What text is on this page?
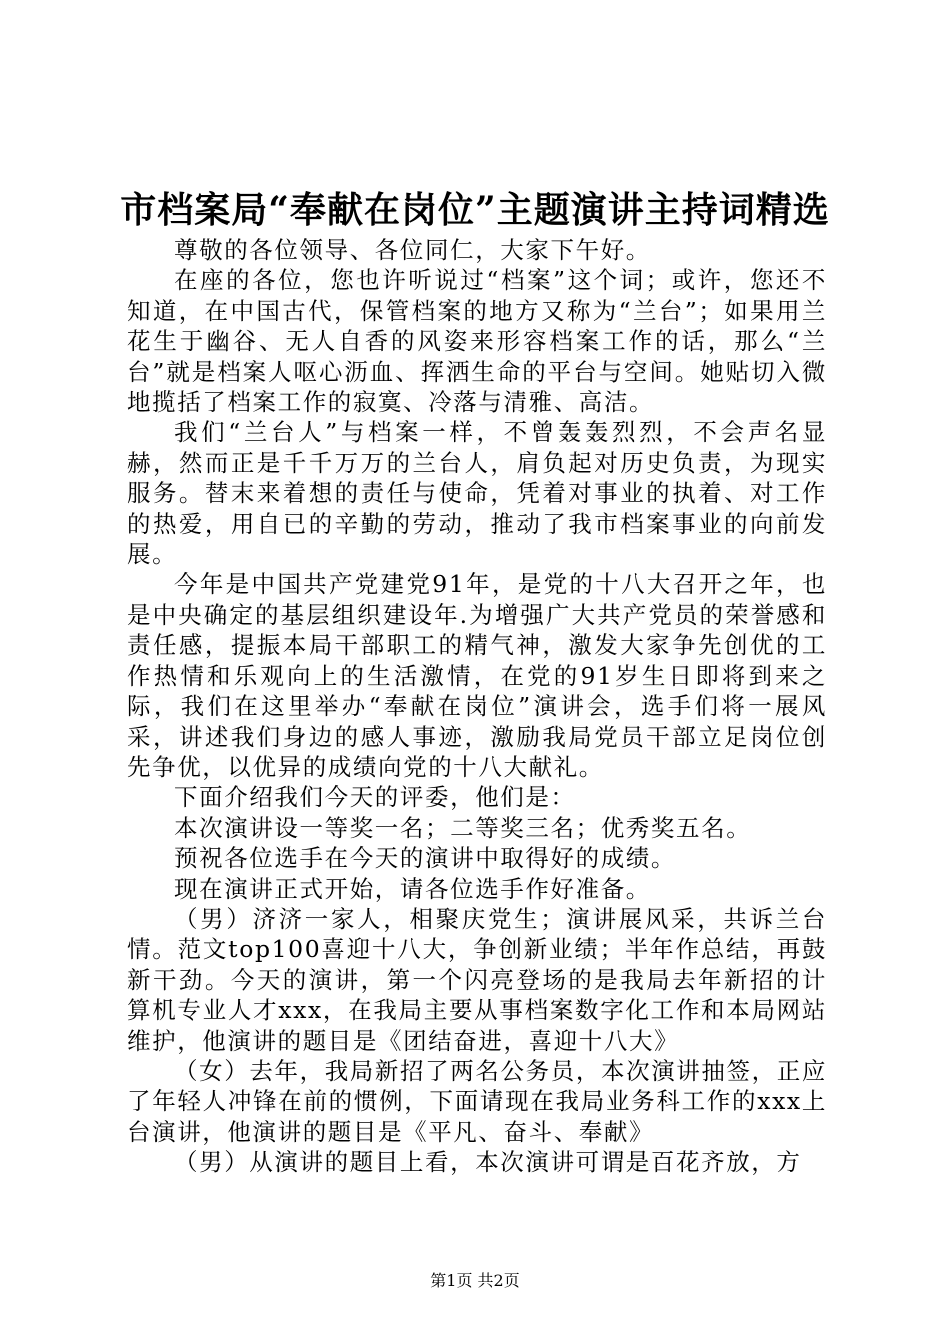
市档案局“奉献在岗位”主题演讲主持词精选

尊敬的各位领导、各位同仁，大家下午好。

在座的各位，您也许听说过“档案”这个词；或许，您还不知道，在中国古代，保管档案的地方又称为“兰台”；如果用兰花生于幽谷、无人自香的风姿来形容档案工作的话，那么“兰台”就是档案人呕心沥血、挥洒生命的平台与空间。她贴切入微地揽括了档案工作的寂寞、冷落与清雅、高洁。

我们“兰台人”与档案一样，不曾轰轰烈烈，不会声名显赫，然而正是千千万万的兰台人，肩负起对历史负责，为现实服务。替末来着想的责任与使命，凭着对事业的执着、对工作的热爱，用自已的辛勤的劳动，推动了我市档案事业的向前发展。

今年是中国共产党建党91年，是党的十八大召开之年，也是中央确定的基层组织建设年.为增强广大共产党员的荣誉感和责任感，提振本局干部职工的精气神，激发大家争先创优的工作热情和乐观向上的生活激情，在党的91岁生日即将到来之际，我们在这里举办“奉献在岗位”演讲会，选手们将一展风采，讲述我们身边的感人事迹，激励我局党员干部立足岗位创先争优，以优异的成绩向党的十八大献礼。

下面介绍我们今天的评委，他们是：

本次演讲设一等奖一名；二等奖三名；优秀奖五名。

预祝各位选手在今天的演讲中取得好的成绩。

现在演讲正式开始，请各位选手作好准备。

（男）济济一家人，相聚庆党生；演讲展风采，共诉兰台情。范文top100喜迎十八大，争创新业绩；半年作总结，再鼓新干劲。今天的演讲，第一个闪亮登场的是我局去年新招的计算机专业人才xxx，在我局主要从事档案数字化工作和本局网站维护，他演讲的题目是《团结奋进，喜迎十八大》

（女）去年，我局新招了两名公务员，本次演讲抽签，正应了年轻人冲锋在前的惯例，下面请现在我局业务科工作的xxx上台演讲，他演讲的题目是《平凡、奋斗、奉献》

（男）从演讲的题目上看，本次演讲可谓是百花齐放，方

第1页 共2页
